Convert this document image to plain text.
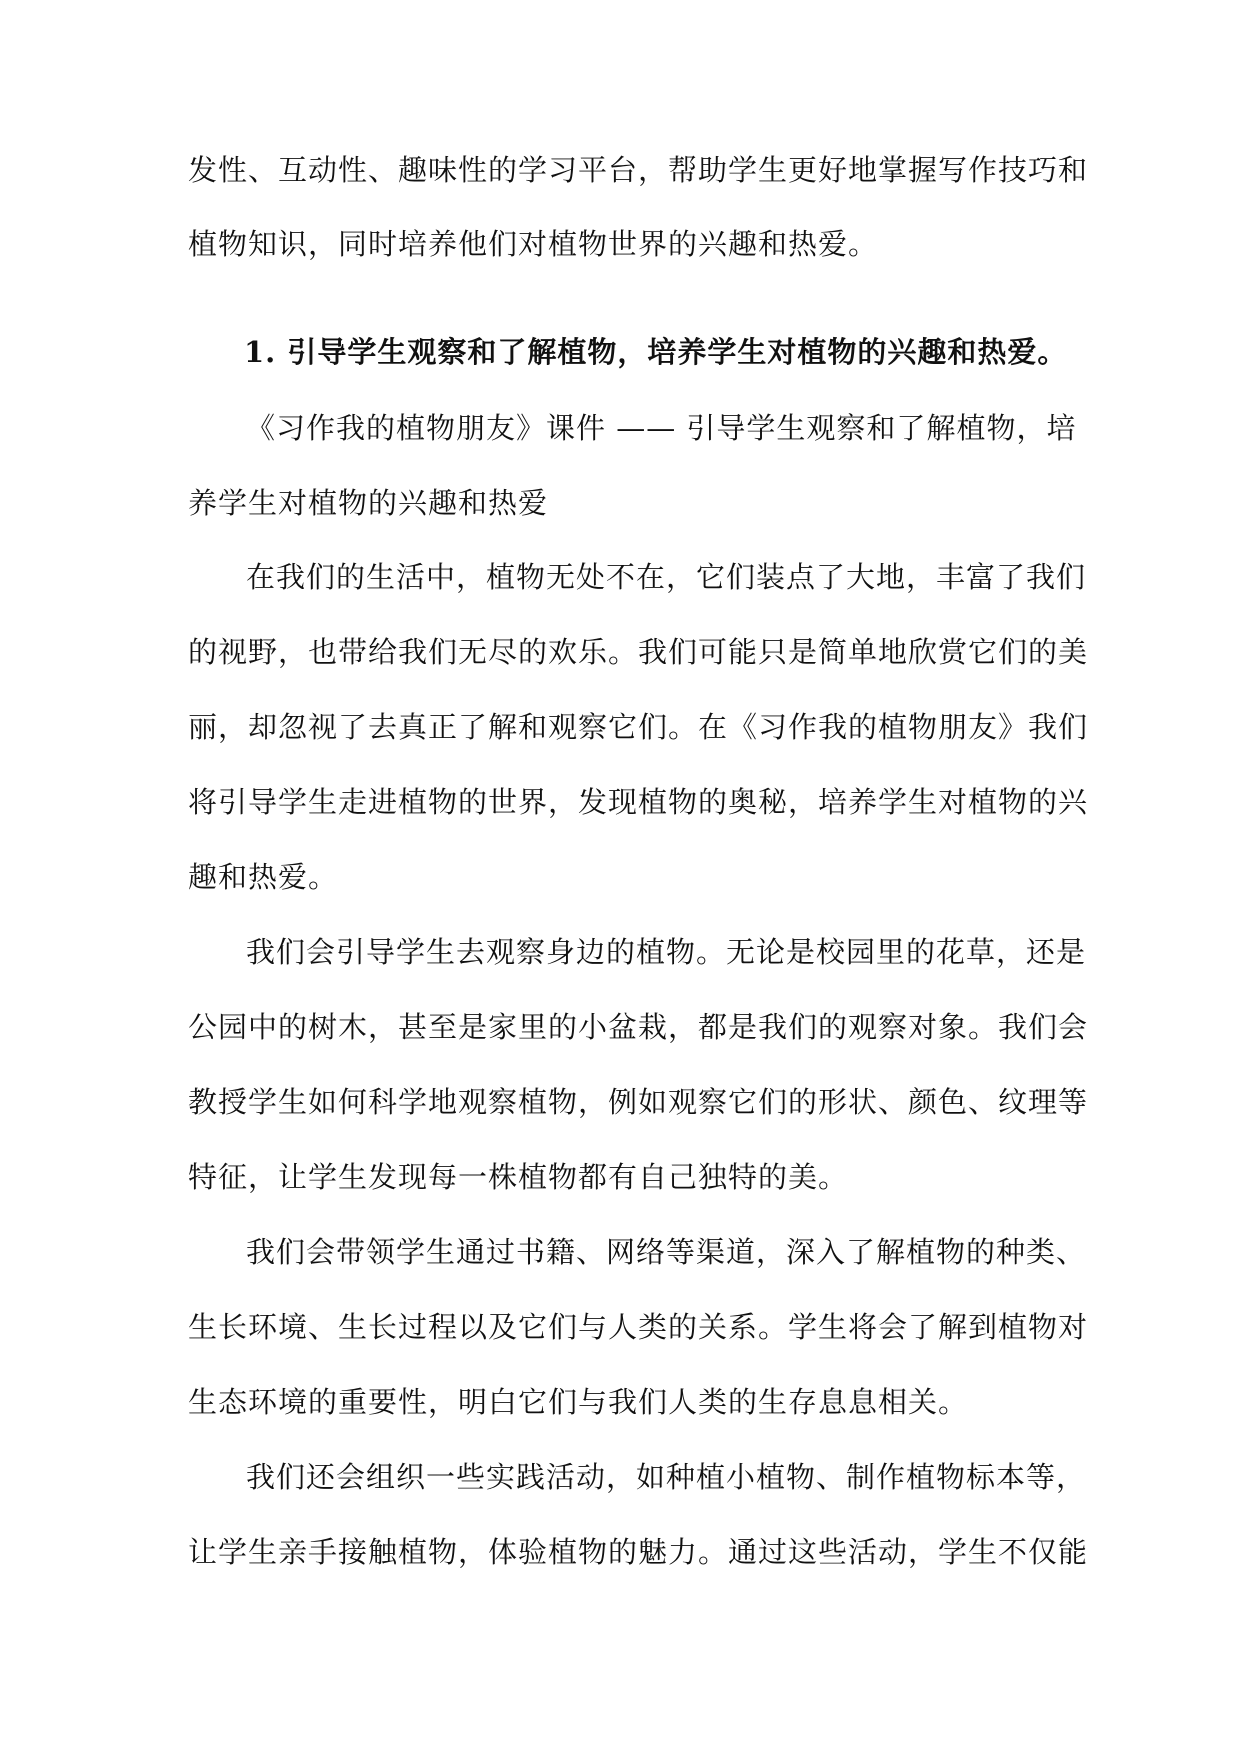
发性、互动性、趣味性的学习平台，帮助学生更好地掌握写作技巧和
植物知识，同时培养他们对植物世界的兴趣和热爱。
1. 引导学生观察和了解植物，培养学生对植物的兴趣和热爱。
《习作我的植物朋友》课件 —— 引导学生观察和了解植物，培
养学生对植物的兴趣和热爱
在我们的生活中，植物无处不在，它们装点了大地，丰富了我们
的视野，也带给我们无尽的欢乐。我们可能只是简单地欣赏它们的美
丽，却忽视了去真正了解和观察它们。在《习作我的植物朋友》我们
将引导学生走进植物的世界，发现植物的奥秘，培养学生对植物的兴
趣和热爱。
我们会引导学生去观察身边的植物。无论是校园里的花草，还是
公园中的树木，甚至是家里的小盆栽，都是我们的观察对象。我们会
教授学生如何科学地观察植物，例如观察它们的形状、颜色、纹理等
特征，让学生发现每一株植物都有自己独特的美。
我们会带领学生通过书籍、网络等渠道，深入了解植物的种类、
生长环境、生长过程以及它们与人类的关系。学生将会了解到植物对
生态环境的重要性，明白它们与我们人类的生存息息相关。
我们还会组织一些实践活动，如种植小植物、制作植物标本等，
让学生亲手接触植物，体验植物的魅力。通过这些活动，学生不仅能
